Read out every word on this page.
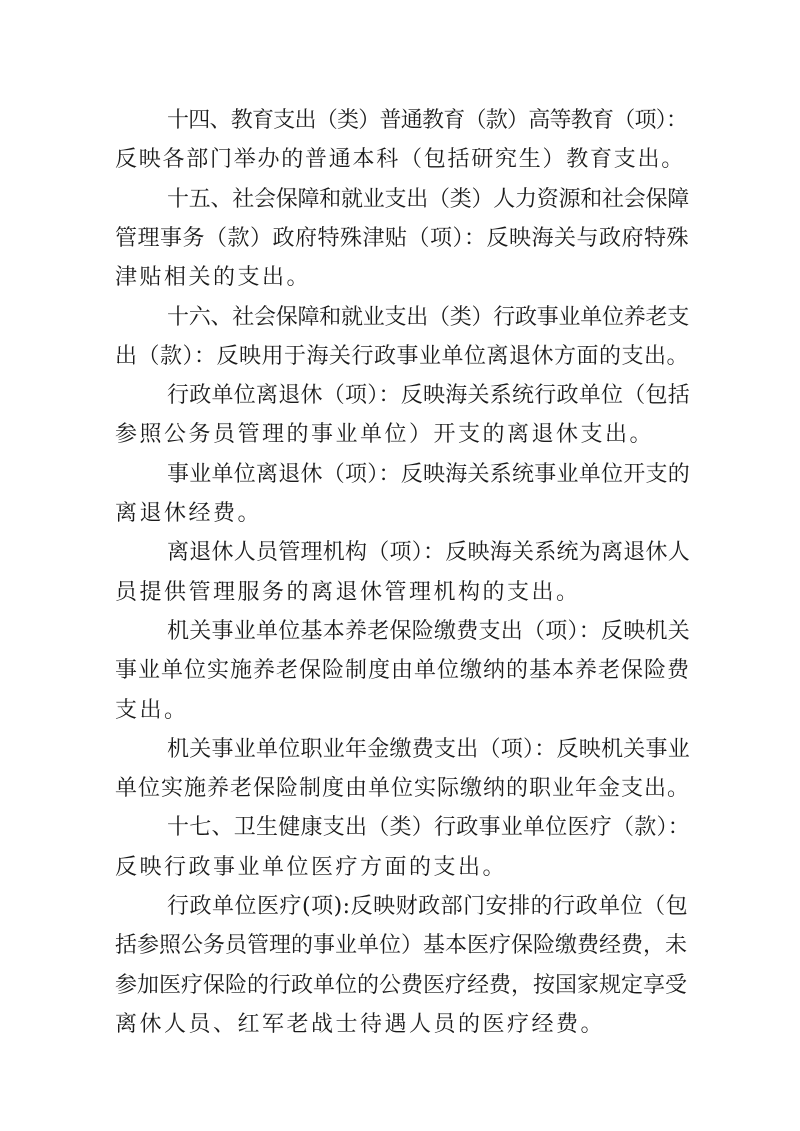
十四、教育支出（类）普通教育（款）高等教育（项）：
反映各部门举办的普通本科（包括研究生）教育支出。
十五、社会保障和就业支出（类）人力资源和社会保障
管理事务（款）政府特殊津贴（项）：反映海关与政府特殊
津贴相关的支出。
十六、社会保障和就业支出（类）行政事业单位养老支
出（款）：反映用于海关行政事业单位离退休方面的支出。
行政单位离退休（项）：反映海关系统行政单位（包括
参照公务员管理的事业单位）开支的离退休支出。
事业单位离退休（项）：反映海关系统事业单位开支的
离退休经费。
离退休人员管理机构（项）：反映海关系统为离退休人
员提供管理服务的离退休管理机构的支出。
机关事业单位基本养老保险缴费支出（项）：反映机关
事业单位实施养老保险制度由单位缴纳的基本养老保险费
支出。
机关事业单位职业年金缴费支出（项）：反映机关事业
单位实施养老保险制度由单位实际缴纳的职业年金支出。
十七、卫生健康支出（类）行政事业单位医疗（款）：
反映行政事业单位医疗方面的支出。
行政单位医疗(项):反映财政部门安排的行政单位（包
括参照公务员管理的事业单位）基本医疗保险缴费经费，未
参加医疗保险的行政单位的公费医疗经费，按国家规定享受
离休人员、红军老战士待遇人员的医疗经费。
